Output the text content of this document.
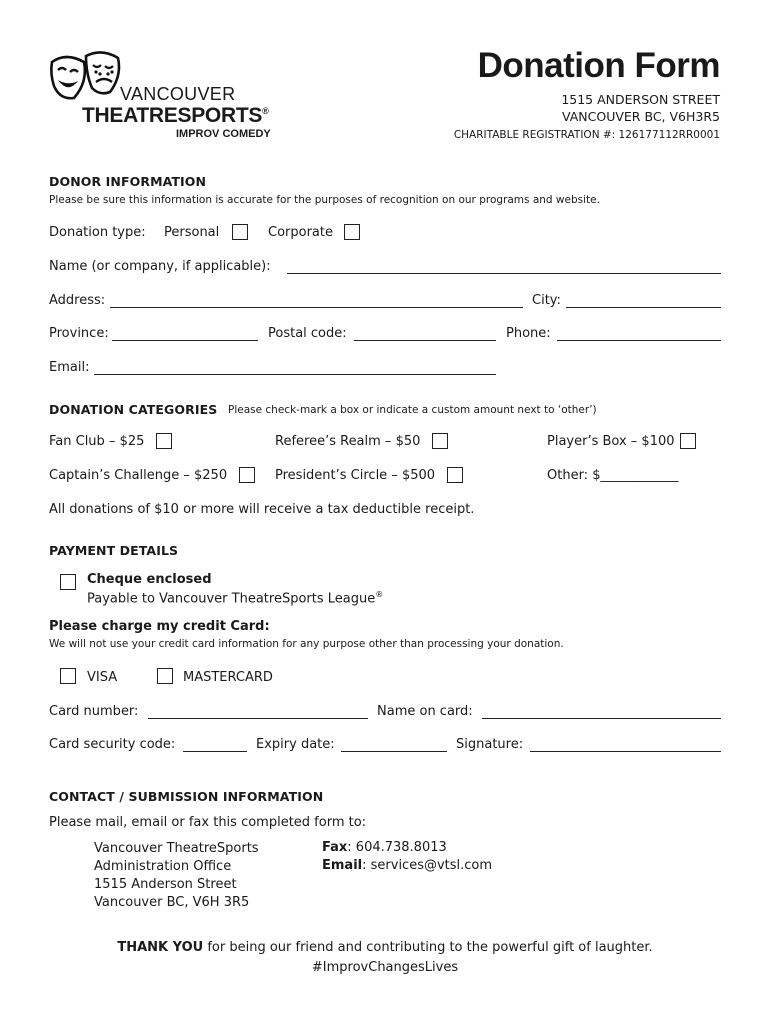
VANCOUVER
THEATRESPORTS®
IMPROV COMEDY
Donation Form
1515 ANDERSON STREET
VANCOUVER BC, V6H3R5
CHARITABLE REGISTRATION #: 126177112RR0001
DONOR INFORMATION
Please be sure this information is accurate for the purposes of recognition on our programs and website.
Donation type: Personal	Corporate
Name (or company, if applicable):
Address:	City:
Province:	Postal code:	Phone:
Email:
DONATION CATEGORIES Please check-mark a box or indicate a custom amount next to ‘other’)
Fan Club – $25	Referee’s Realm – $50	Player’s Box – $100
Captain’s Challenge – $250	President’s Circle – $500	Other: $____________
All donations of $10 or more will receive a tax deductible receipt.
PAYMENT DETAILS
Cheque enclosed
Payable to Vancouver TheatreSports League®
Please charge my credit Card:
We will not use your credit card information for any purpose other than processing your donation.
VISA	MASTERCARD
Card number:	Name on card:
Card security code:	Expiry date:	Signature:
CONTACT / SUBMISSION INFORMATION
Please mail, email or fax this completed form to:
Vancouver TheatreSports
Administration Office
1515 Anderson Street
Vancouver BC, V6H 3R5
Fax: 604.738.8013
Email: services@vtsl.com
THANK YOU for being our friend and contributing to the powerful gift of laughter.
#ImprovChangesLives
